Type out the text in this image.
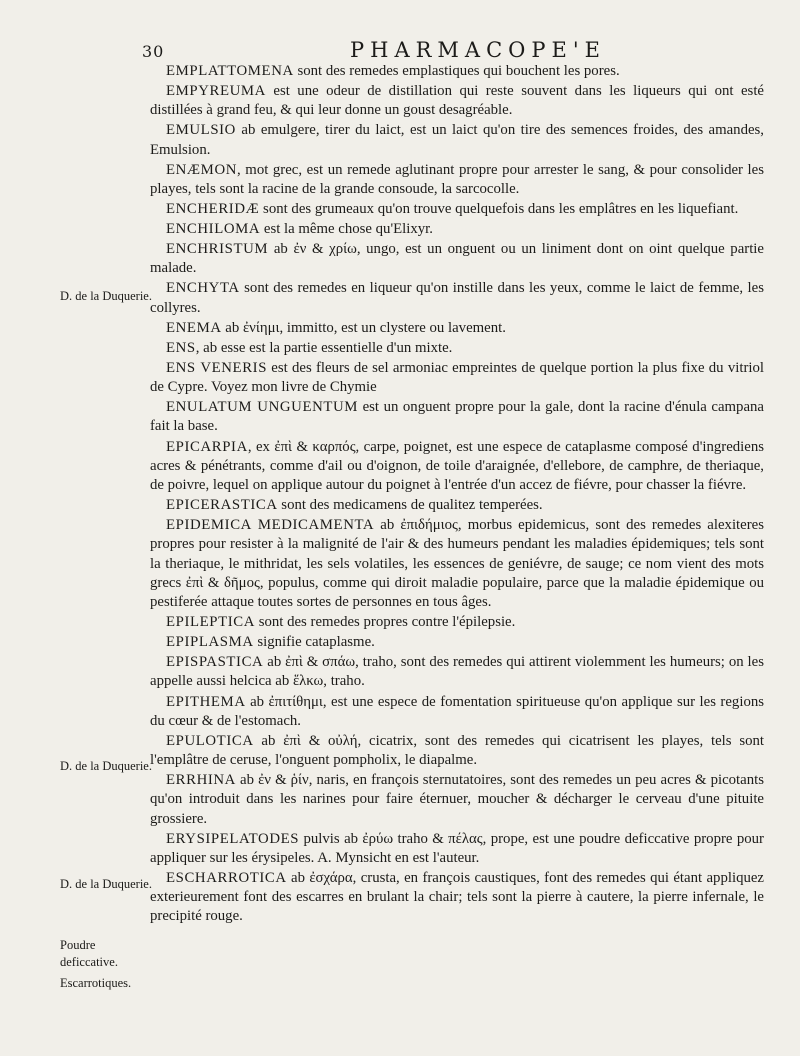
30	PHARMACOPE'E

EMPLATTOMENA sont des remedes emplastiques qui bouchent les pores.

EMPYREUMA est une odeur de distillation qui reste souvent dans les liqueurs qui ont esté distillées à grand feu, & qui leur donne un goust desagréable.

EMULSIO ab emulgere, tirer du laict, est un laict qu'on tire des semences froides, des amandes, Emulsion.

ENÆMON, mot grec, est un remede aglutinant propre pour arrester le sang, & pour consolider les playes, tels sont la racine de la grande consoude, la sarcocolle.

ENCHERIDÆ sont des grumeaux qu'on trouve quelquefois dans les emplâtres en les liquefiant.

ENCHILOMA est la même chose qu'Elixyr.

ENCHRISTUM ab ἐν & χρίω, ungo, est un onguent ou un liniment dont on oint quelque partie malade.

ENCHYTA sont des remedes en liqueur qu'on instille dans les yeux, comme le laict de femme, les collyres.

ENEMA ab ἐνίημι, immitto, est un clystere ou lavement.

ENS, ab esse est la partie essentielle d'un mixte.

ENS VENERIS est des fleurs de sel armoniac empreintes de quelque portion la plus fixe du vitriol de Cypre. Voyez mon livre de Chymie

ENULATUM UNGUENTUM est un onguent propre pour la gale, dont la racine d'énula campana fait la base.

EPICARPIA, ex ἐπὶ & καρπός, carpe, poignet, est une espece de cataplasme composé d'ingrediens acres & pénétrants, comme d'ail ou d'oignon, de toile d'araignée, d'ellebore, de camphre, de theriaque, de poivre, lequel on applique autour du poignet à l'entrée d'un accez de fiévre, pour chasser la fiévre.

EPICERASTICA sont des medicamens de qualitez temperées.

EPIDEMICA MEDICAMENTA ab ἐπιδήμιος, morbus epidemicus, sont des remedes alexiteres propres pour resister à la malignité de l'air & des humeurs pendant les maladies épidemiques; tels sont la theriaque, le mithridat, les sels volatiles, les essences de geniévre, de sauge; ce nom vient des mots grecs ἐπὶ & δῆμος, populus, comme qui diroit maladie populaire, parce que la maladie épidemique ou pestiferée attaque toutes sortes de personnes en tous âges.

EPILEPTICA sont des remedes propres contre l'épilepsie.

EPIPLASMA signifie cataplasme.

EPISPASTICA ab ἐπὶ & σπάω, traho, sont des remedes qui attirent violemment les humeurs; on les appelle aussi helcica ab ἕλκω, traho.

EPITHEMA ab ἐπιτίθημι, est une espece de fomentation spiritueuse qu'on applique sur les regions du cœur & de l'estomach.

EPULOTICA ab ἐπὶ & οὐλή, cicatrix, sont des remedes qui cicatrisent les playes, tels sont l'emplâtre de ceruse, l'onguent pompholix, le diapalme.

ERRHINA ab ἐν & ῥίν, naris, en françois sternutatoires, sont des remedes un peu acres & picotants qu'on introduit dans les narines pour faire éternuer, moucher & décharger le cerveau d'une pituite grossiere.

ERYSIPELATODES pulvis ab ἐρύω traho & πέλας, prope, est une poudre deficcative propre pour appliquer sur les érysipeles. A. Mynsicht en est l'auteur.

ESCHARROTICA ab ἐσχάρα, crusta, en françois caustiques, font des remedes qui étant appliquez exterieurement font des escarres en brulant la chair; tels sont la pierre à cautere, la pierre infernale, le precipité rouge.

D. de la Duquerie.
D. de la Duquerie.
D. de la Duquerie.
Poudre deficcative.
Escarrotiques.
